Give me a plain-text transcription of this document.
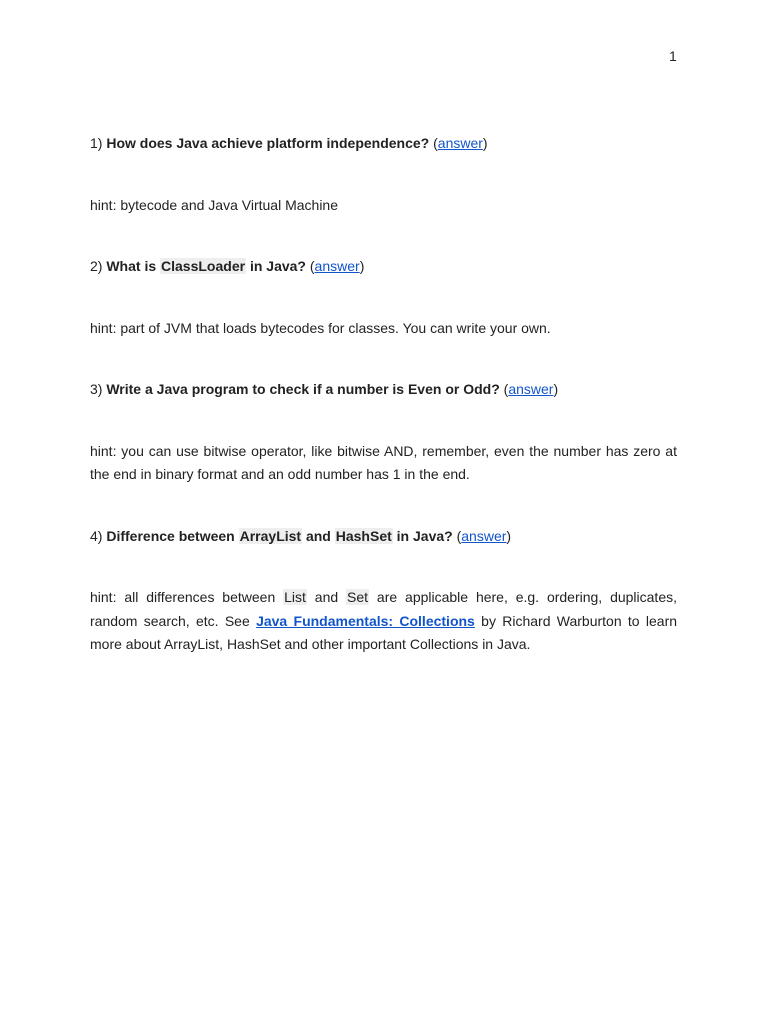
1

1) How does Java achieve platform independence? (answer)

hint: bytecode and Java Virtual Machine

2) What is ClassLoader in Java? (answer)

hint: part of JVM that loads bytecodes for classes. You can write your own.

3) Write a Java program to check if a number is Even or Odd? (answer)

hint: you can use bitwise operator, like bitwise AND, remember, even the number has zero at the end in binary format and an odd number has 1 in the end.

4) Difference between ArrayList and HashSet in Java? (answer)

hint: all differences between List and Set are applicable here, e.g. ordering, duplicates, random search, etc. See Java Fundamentals: Collections by Richard Warburton to learn more about ArrayList, HashSet and other important Collections in Java.
